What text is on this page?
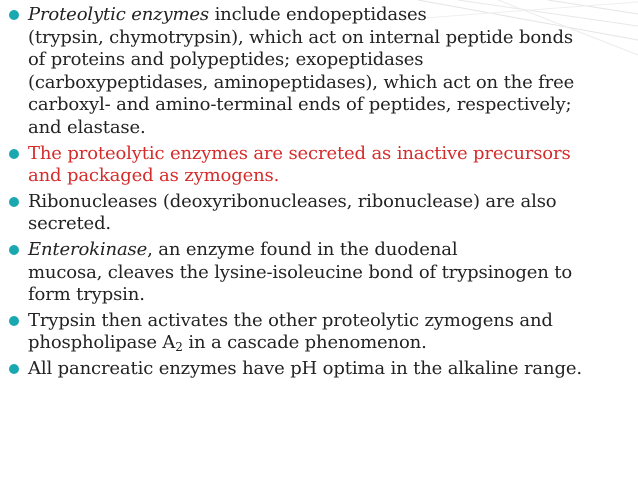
Proteolytic enzymes include endopeptidases
(trypsin, chymotrypsin), which act on internal peptide bonds
of proteins and polypeptides; exopeptidases
(carboxypeptidases, aminopeptidases), which act on the free
carboxyl- and amino-terminal ends of peptides, respectively;
and elastase.
The proteolytic enzymes are secreted as inactive precursors
and packaged as zymogens.
Ribonucleases (deoxyribonucleases, ribonuclease) are also
secreted.
Enterokinase, an enzyme found in the duodenal
mucosa, cleaves the lysine-isoleucine bond of trypsinogen to
form trypsin.
Trypsin then activates the other proteolytic zymogens and
phospholipase $A_2$ in a cascade phenomenon.
All pancreatic enzymes have pH optima in the alkaline range.
